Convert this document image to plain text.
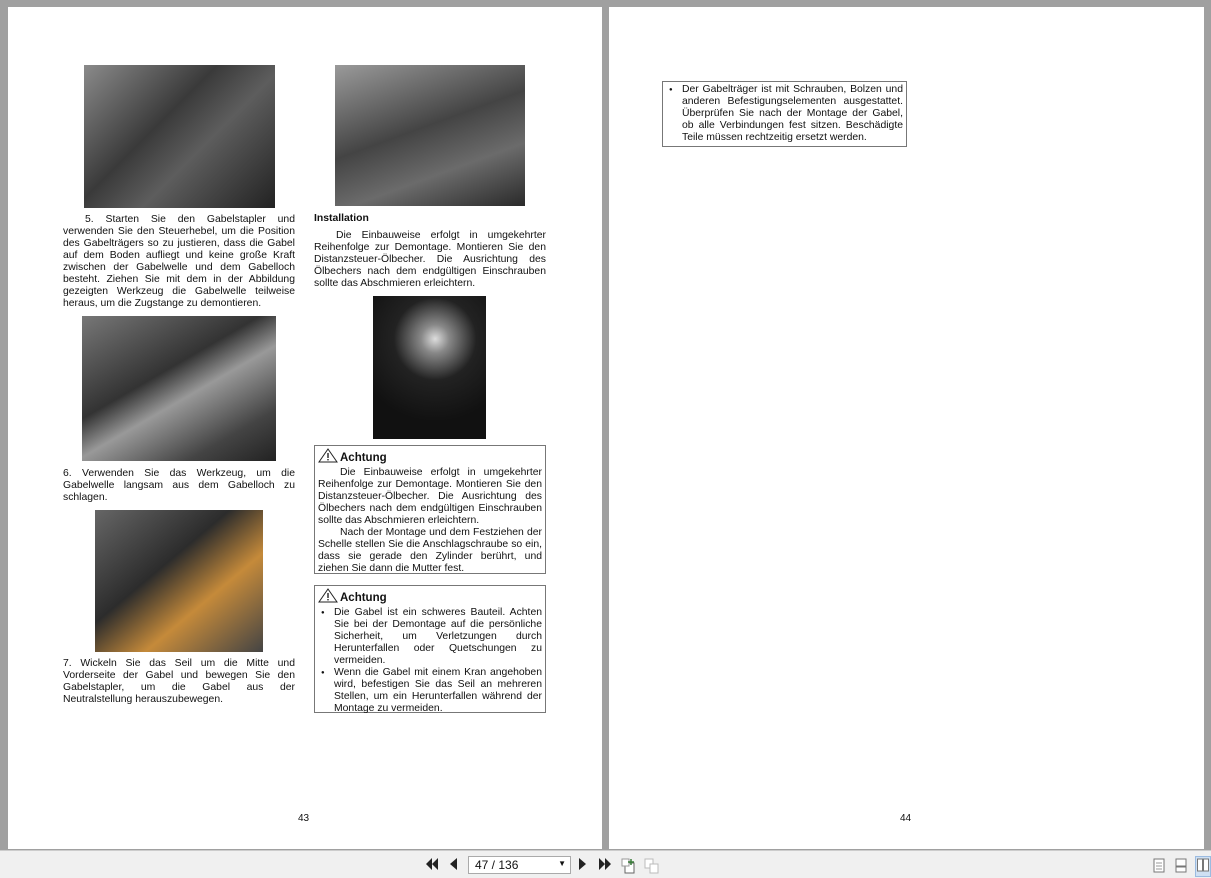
5. Starten Sie den Gabelstapler und verwenden Sie den Steuerhebel, um die Position des Gabelträgers so zu justieren, dass die Gabel auf dem Boden aufliegt und keine große Kraft zwischen der Gabelwelle und dem Gabelloch besteht. Ziehen Sie mit dem in der Abbildung gezeigten Werkzeug die Gabelwelle teilweise heraus, um die Zugstange zu demontieren.
6. Verwenden Sie das Werkzeug, um die Gabelwelle langsam aus dem Gabelloch zu schlagen.
7. Wickeln Sie das Seil um die Mitte und Vorderseite der Gabel und bewegen Sie den Gabelstapler, um die Gabel aus der Neutralstellung herauszubewegen.
Installation
Die Einbauweise erfolgt in umgekehrter Reihenfolge zur Demontage. Montieren Sie den Distanzsteuer-Ölbecher. Die Ausrichtung des Ölbechers nach dem endgültigen Einschrauben sollte das Abschmieren erleichtern.
Achtung

Die Einbauweise erfolgt in umgekehrter Reihenfolge zur Demontage. Montieren Sie den Distanzsteuer-Ölbecher. Die Ausrichtung des Ölbechers nach dem endgültigen Einschrauben sollte das Abschmieren erleichtern.

Nach der Montage und dem Festziehen der Schelle stellen Sie die Anschlagschraube so ein, dass sie gerade den Zylinder berührt, und ziehen Sie dann die Mutter fest.

Achtung
● Die Gabel ist ein schweres Bauteil. Achten Sie bei der Demontage auf die persönliche Sicherheit, um Verletzungen durch Herunterfallen oder Quetschungen zu vermeiden.
● Wenn die Gabel mit einem Kran angehoben wird, befestigen Sie das Seil an mehreren Stellen, um ein Herunterfallen während der Montage zu vermeiden.
43
● Der Gabelträger ist mit Schrauben, Bolzen und anderen Befestigungselementen ausgestattet. Überprüfen Sie nach der Montage der Gabel, ob alle Verbindungen fest sitzen. Beschädigte Teile müssen rechtzeitig ersetzt werden.
44
47 / 136	▼
